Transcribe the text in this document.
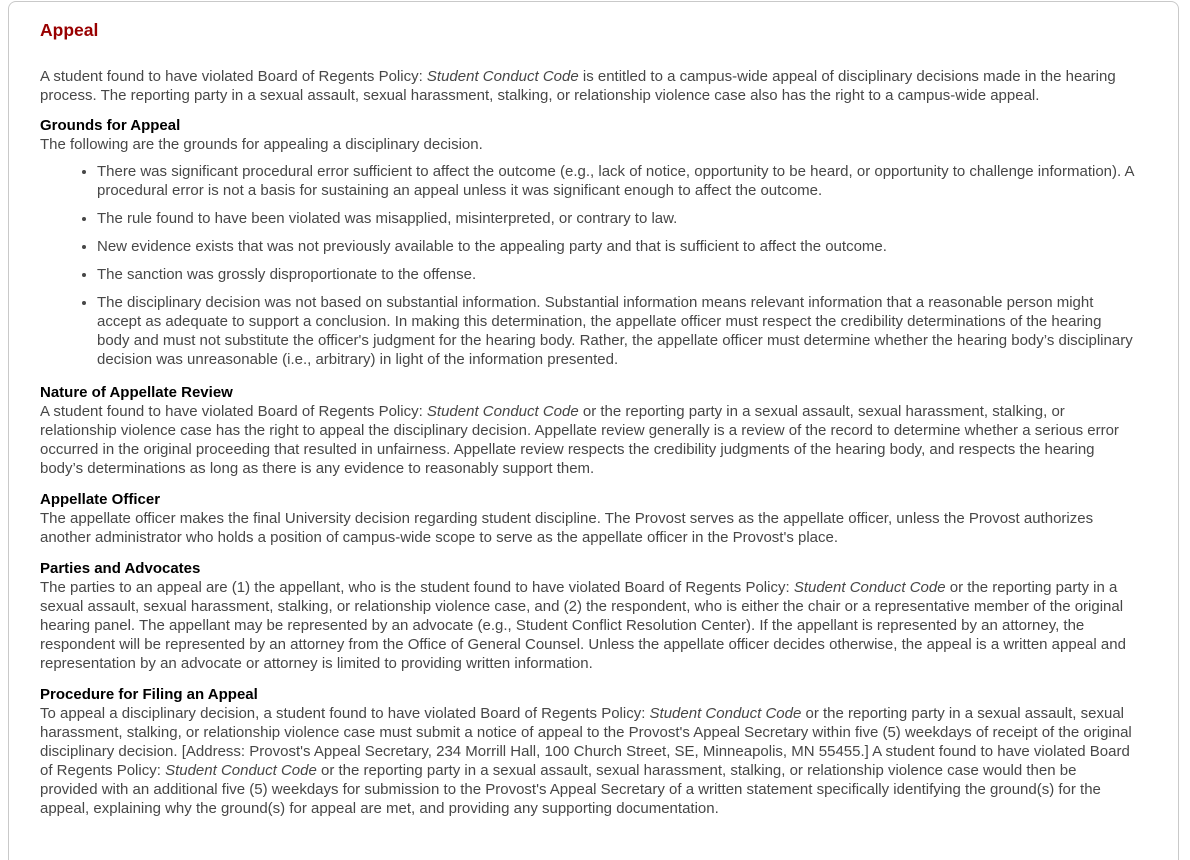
Appeal

A student found to have violated Board of Regents Policy: Student Conduct Code is entitled to a campus-wide appeal of disciplinary decisions made in the hearing process. The reporting party in a sexual assault, sexual harassment, stalking, or relationship violence case also has the right to a campus-wide appeal.

Grounds for Appeal

The following are the grounds for appealing a disciplinary decision.

• There was significant procedural error sufficient to affect the outcome (e.g., lack of notice, opportunity to be heard, or opportunity to challenge information). A procedural error is not a basis for sustaining an appeal unless it was significant enough to affect the outcome.
• The rule found to have been violated was misapplied, misinterpreted, or contrary to law.
• New evidence exists that was not previously available to the appealing party and that is sufficient to affect the outcome.
• The sanction was grossly disproportionate to the offense.
• The disciplinary decision was not based on substantial information. Substantial information means relevant information that a reasonable person might accept as adequate to support a conclusion. In making this determination, the appellate officer must respect the credibility determinations of the hearing body and must not substitute the officer's judgment for the hearing body. Rather, the appellate officer must determine whether the hearing body’s disciplinary decision was unreasonable (i.e., arbitrary) in light of the information presented.
Nature of Appellate Review

A student found to have violated Board of Regents Policy: Student Conduct Code or the reporting party in a sexual assault, sexual harassment, stalking, or relationship violence case has the right to appeal the disciplinary decision. Appellate review generally is a review of the record to determine whether a serious error occurred in the original proceeding that resulted in unfairness. Appellate review respects the credibility judgments of the hearing body, and respects the hearing body’s determinations as long as there is any evidence to reasonably support them.

Appellate Officer

The appellate officer makes the final University decision regarding student discipline. The Provost serves as the appellate officer, unless the Provost authorizes another administrator who holds a position of campus-wide scope to serve as the appellate officer in the Provost's place.

Parties and Advocates

The parties to an appeal are (1) the appellant, who is the student found to have violated Board of Regents Policy: Student Conduct Code or the reporting party in a sexual assault, sexual harassment, stalking, or relationship violence case, and (2) the respondent, who is either the chair or a representative member of the original hearing panel. The appellant may be represented by an advocate (e.g., Student Conflict Resolution Center). If the appellant is represented by an attorney, the respondent will be represented by an attorney from the Office of General Counsel. Unless the appellate officer decides otherwise, the appeal is a written appeal and representation by an advocate or attorney is limited to providing written information.

Procedure for Filing an Appeal

To appeal a disciplinary decision, a student found to have violated Board of Regents Policy: Student Conduct Code or the reporting party in a sexual assault, sexual harassment, stalking, or relationship violence case must submit a notice of appeal to the Provost's Appeal Secretary within five (5) weekdays of receipt of the original disciplinary decision. [Address: Provost's Appeal Secretary, 234 Morrill Hall, 100 Church Street, SE, Minneapolis, MN 55455.] A student found to have violated Board of Regents Policy: Student Conduct Code or the reporting party in a sexual assault, sexual harassment, stalking, or relationship violence case would then be provided with an additional five (5) weekdays for submission to the Provost's Appeal Secretary of a written statement specifically identifying the ground(s) for the appeal, explaining why the ground(s) for appeal are met, and providing any supporting documentation.
